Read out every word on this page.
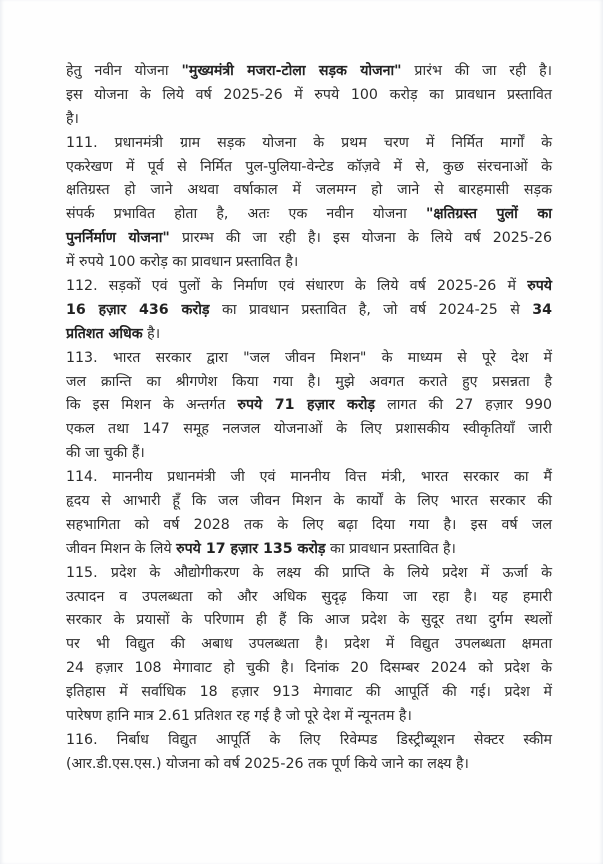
हेतु नवीन योजना "मुख्यमंत्री मजरा-टोला सड़क योजना" प्रारंभ की जा रही है।
इस योजना के लिये वर्ष 2025-26 में रुपये 100 करोड़ का प्रावधान प्रस्तावित
है।
111. प्रधानमंत्री ग्राम सड़क योजना के प्रथम चरण में निर्मित मार्गों के
एकरेखण में पूर्व से निर्मित पुल-पुलिया-वेन्टेड कॉज़वे में से, कुछ संरचनाओं के
क्षतिग्रस्त हो जाने अथवा वर्षाकाल में जलमग्न हो जाने से बारहमासी सड़क
संपर्क प्रभावित होता है, अतः एक नवीन योजना "क्षतिग्रस्त पुलों का
पुनर्निर्माण योजना" प्रारम्भ की जा रही है। इस योजना के लिये वर्ष 2025-26
में रुपये 100 करोड़ का प्रावधान प्रस्तावित है।
112. सड़कों एवं पुलों के निर्माण एवं संधारण के लिये वर्ष 2025-26 में रुपये
16 हज़ार 436 करोड़ का प्रावधान प्रस्तावित है, जो वर्ष 2024-25 से 34
प्रतिशत अधिक है।
113. भारत सरकार द्वारा "जल जीवन मिशन" के माध्यम से पूरे देश में
जल क्रान्ति का श्रीगणेश किया गया है। मुझे अवगत कराते हुए प्रसन्नता है
कि इस मिशन के अन्तर्गत रुपये 71 हज़ार करोड़ लागत की 27 हज़ार 990
एकल तथा 147 समूह नलजल योजनाओं के लिए प्रशासकीय स्वीकृतियाँ जारी
की जा चुकी हैं।
114. माननीय प्रधानमंत्री जी एवं माननीय वित्त मंत्री, भारत सरकार का मैं
हृदय से आभारी हूँ कि जल जीवन मिशन के कार्यों के लिए भारत सरकार की
सहभागिता को वर्ष 2028 तक के लिए बढ़ा दिया गया है। इस वर्ष जल
जीवन मिशन के लिये रुपये 17 हज़ार 135 करोड़ का प्रावधान प्रस्तावित है।
115. प्रदेश के औद्योगीकरण के लक्ष्य की प्राप्ति के लिये प्रदेश में ऊर्जा के
उत्पादन व उपलब्धता को और अधिक सुदृढ़ किया जा रहा है। यह हमारी
सरकार के प्रयासों के परिणाम ही हैं कि आज प्रदेश के सुदूर तथा दुर्गम स्थलों
पर भी विद्युत की अबाध उपलब्धता है। प्रदेश में विद्युत उपलब्धता क्षमता
24 हज़ार 108 मेगावाट हो चुकी है। दिनांक 20 दिसम्बर 2024 को प्रदेश के
इतिहास में सर्वाधिक 18 हज़ार 913 मेगावाट की आपूर्ति की गई। प्रदेश में
पारेषण हानि मात्र 2.61 प्रतिशत रह गई है जो पूरे देश में न्यूनतम है।
116. निर्बाध विद्युत आपूर्ति के लिए रिवेम्पड डिस्ट्रीब्यूशन सेक्टर स्कीम
(आर.डी.एस.एस.) योजना को वर्ष 2025-26 तक पूर्ण किये जाने का लक्ष्य है।
